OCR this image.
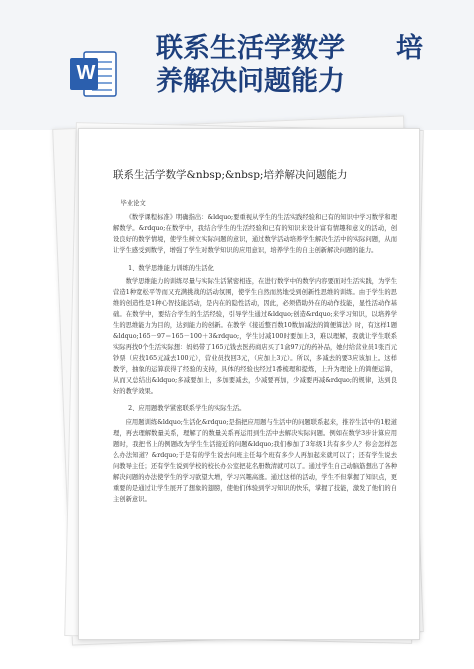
W
联系生活学数学 培
养解决问题能力
联系生活学数学&nbsp;&nbsp;培养解决问题能力

毕业论文

《数学课程标准》明确指出：&ldquo;要重视从学生的生活实践经验和已有的知识中学习数学和理解数学。&rdquo;在数学中，我结合学生的生活经验和已有的知识来设计富有情趣和意义的活动，创设良好的数学情境，使学生树立实际问题的意识，通过数学活动培养学生解决生活中的实际问题，从而让学生感受到数学，增强了学生对数学知识的应用意识，培养学生的自主创新解决问题的能力。

1、数学思维能力训练的生活化

数学思维能力的训练尽量与实际生活紧密相连，在进行数学中的数学内容要面对生活实践，为学生营造1种宽松平等而又充满挑战的活动氛围，使学生自然而然地受到创新性思维的训练。由于学生的思维的创造性是1种心智技能活动，是内在的隐性活动，因此，必须借助外在的动作技能，显性活动作基础。在数学中，要结合学生的生活经验，引导学生通过&ldquo;创造&rdquo;来学习知识，以培养学生的思维能力为目的，达到能力的创新。在教学《接近整百数10数加减法的简便算法》时，有这样1题&ldquo;165－97＝165－100＋3&rdquo;，学生讨减100时要加上3，难以理解，我就让学生联系实际再找0个生活实际想：妈妈带了165元钱去医药商店买了1盒97元的药补品，她付给营业员1张百元钞票（应找165元减去100元），营业员找回3元，（应加上3元）。所以，多减去的要3应该加上。这样教学，抽象的运算获得了经验的支持，具体的经验也经过1番梳理和提炼，上升为理论上的简便运算，从而又总结出&ldquo;多减要加上，多加要减去，少减要再加，少减要再减&rdquo;的规律，达到良好的教学效果。

2、应用题教学紧密联系学生的实际生活。

应用题训练&ldquo;生活化&rdquo;是指把应用题与生活中的问题联系起来，推荐生活中的1般道理，再去理解数量关系，理解了的数量关系再运用到生活中去解决实际问题。例如在数学3步计算应用题时，我把书上的例题改为学生生活接近的问题&ldquo;我们参加了3年级1共有多少人？你会怎样怎么办法知道？&rdquo;于是有的学生说去问班主任每个班有多少人再加起来就可以了；还有学生说去问教导主任；还有学生说到学校的校长办公室把花名册数清就可以了。通过学生自己动脑筋想出了各种解决问题的办法使学生的学习欲望大增，学习兴趣高涨。通过这样的活动，学生不但掌握了知识点，更重要的是通过让学生展开了想象的翅膀，使他们体验到学习知识的快乐，掌握了技能，激发了他们的自主创新意识。
